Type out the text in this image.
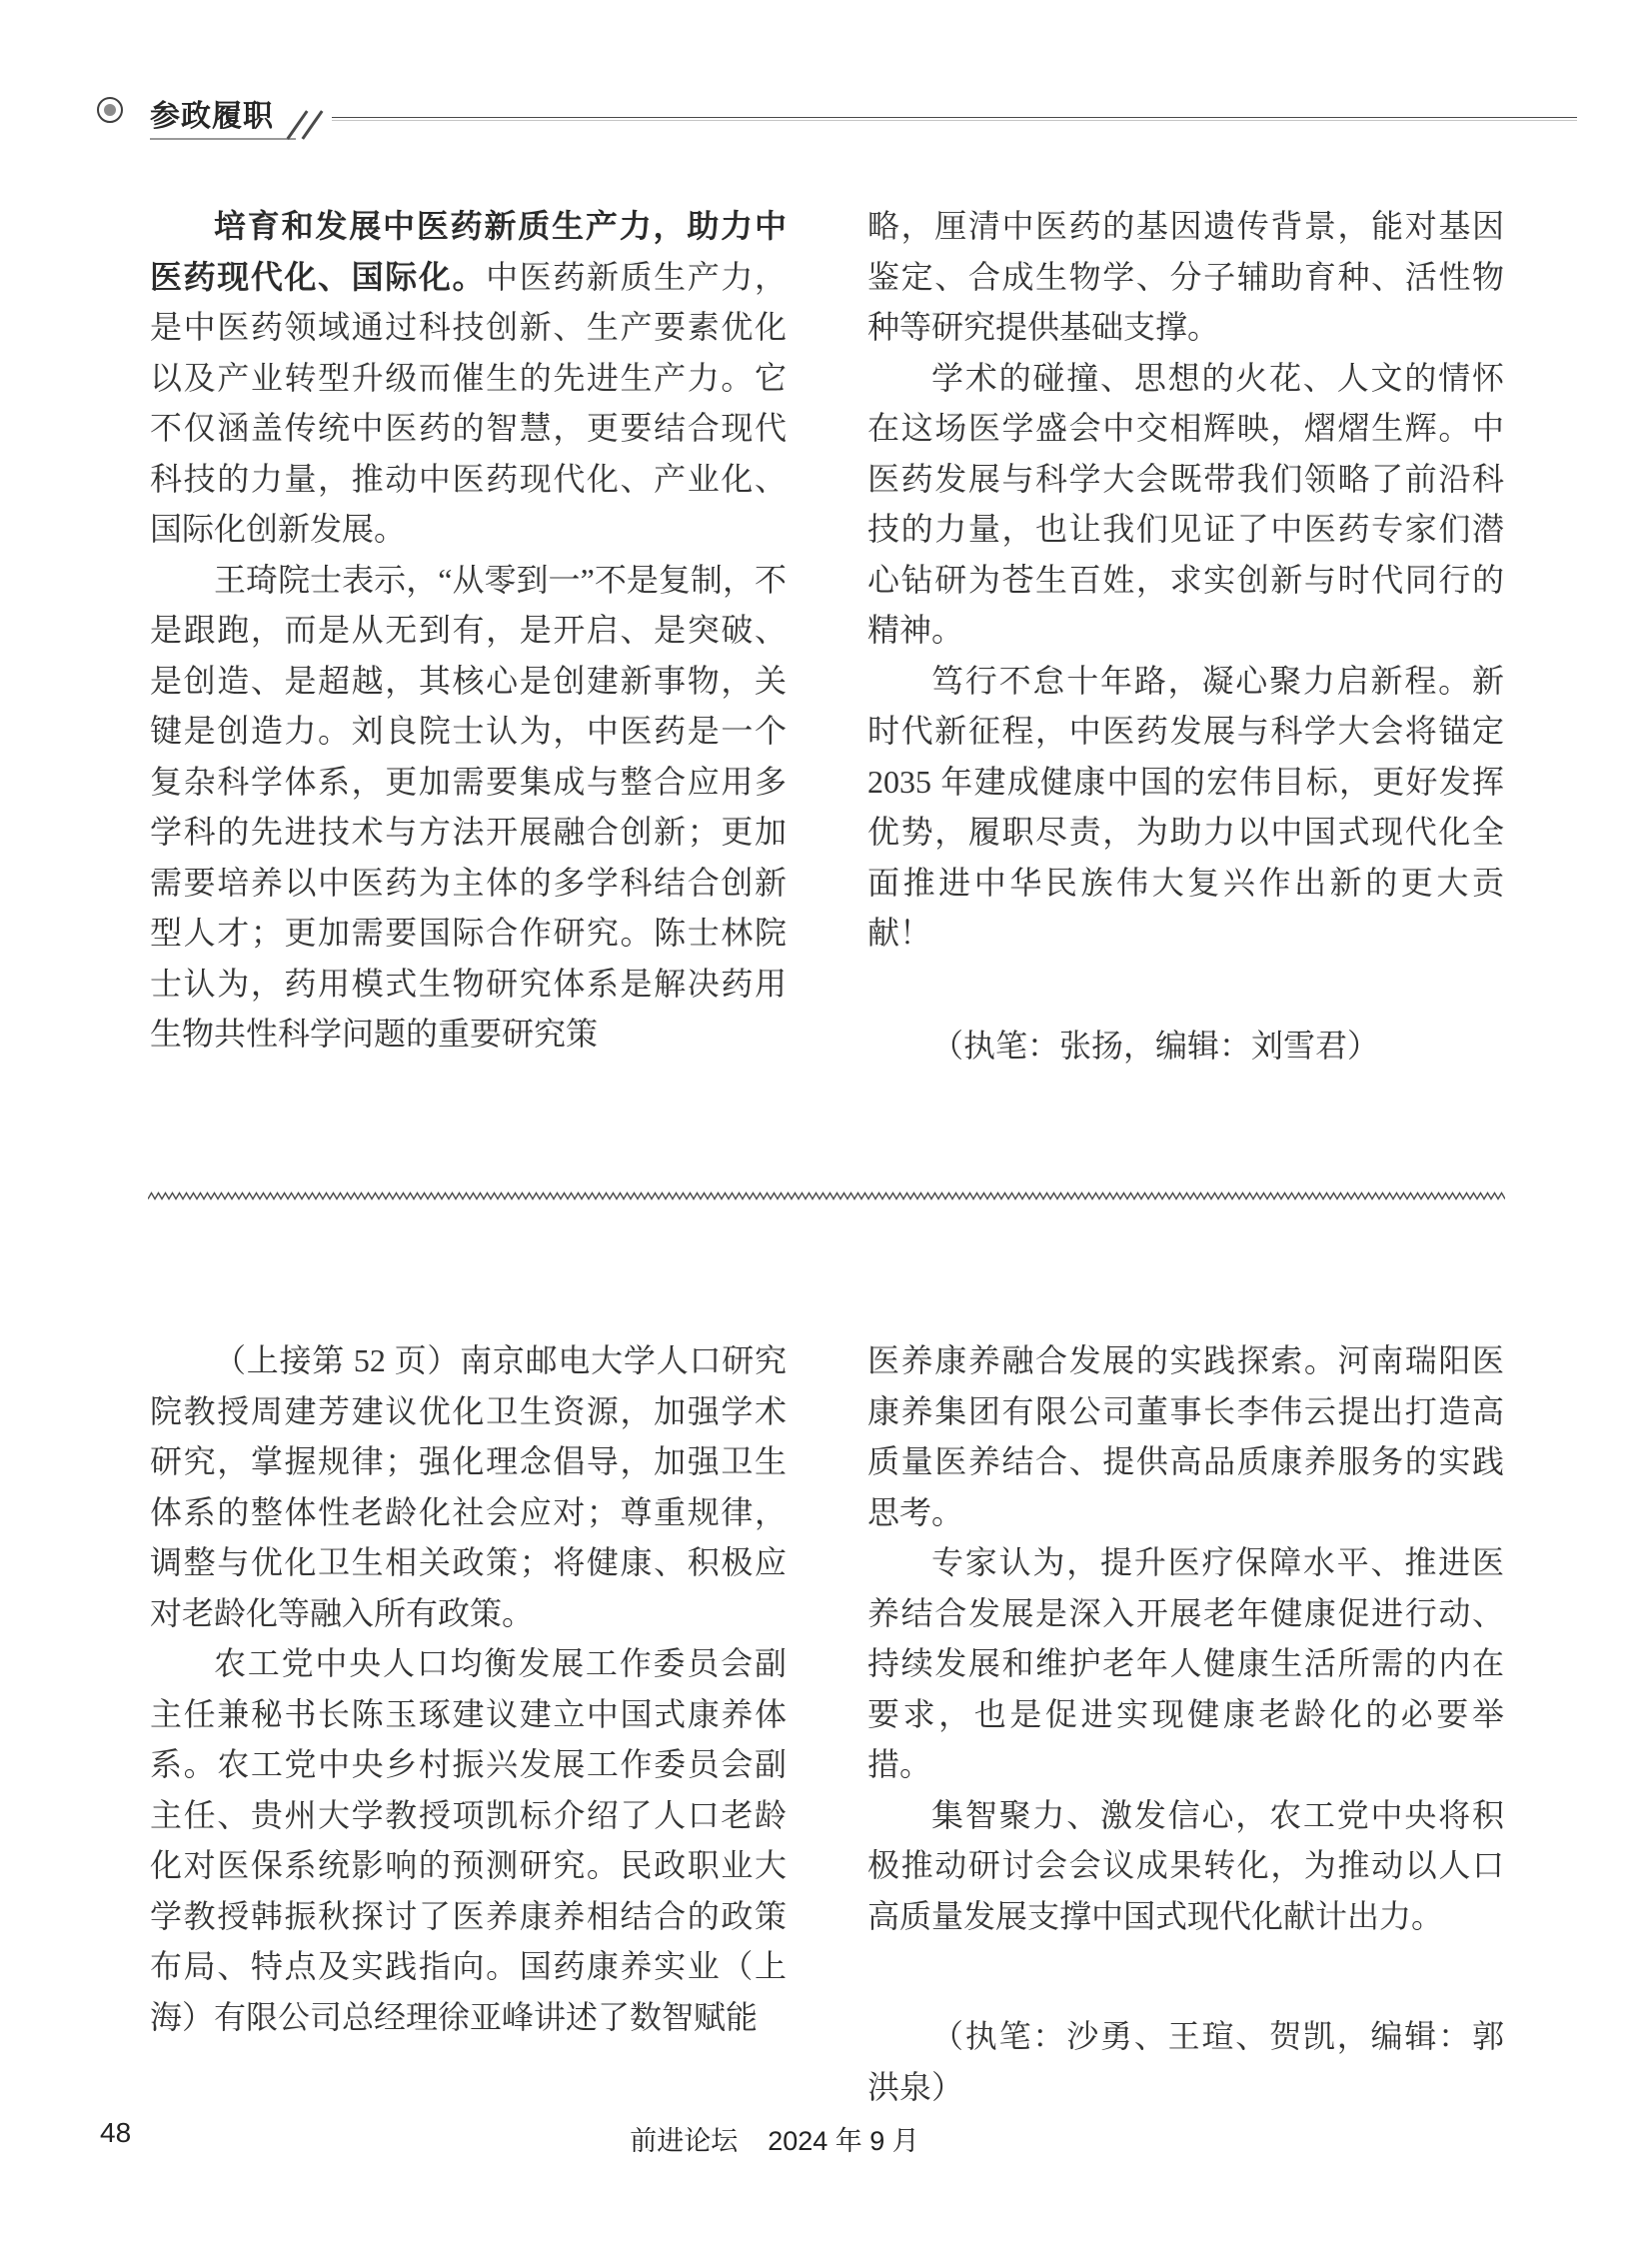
参政履职

培育和发展中医药新质生产力，助力中医药现代化、国际化。中医药新质生产力，是中医药领域通过科技创新、生产要素优化以及产业转型升级而催生的先进生产力。它不仅涵盖传统中医药的智慧，更要结合现代科技的力量，推动中医药现代化、产业化、国际化创新发展。

王琦院士表示，“从零到一”不是复制，不是跟跑，而是从无到有，是开启、是突破、是创造、是超越，其核心是创建新事物，关键是创造力。刘良院士认为，中医药是一个复杂科学体系，更加需要集成与整合应用多学科的先进技术与方法开展融合创新；更加需要培养以中医药为主体的多学科结合创新型人才；更加需要国际合作研究。陈士林院士认为，药用模式生物研究体系是解决药用生物共性科学问题的重要研究策

略，厘清中医药的基因遗传背景，能对基因鉴定、合成生物学、分子辅助育种、活性物种等研究提供基础支撑。

学术的碰撞、思想的火花、人文的情怀在这场医学盛会中交相辉映，熠熠生辉。中医药发展与科学大会既带我们领略了前沿科技的力量，也让我们见证了中医药专家们潜心钻研为苍生百姓，求实创新与时代同行的精神。

笃行不怠十年路，凝心聚力启新程。新时代新征程，中医药发展与科学大会将锚定 2035 年建成健康中国的宏伟目标，更好发挥优势，履职尽责，为助力以中国式现代化全面推进中华民族伟大复兴作出新的更大贡献！

（执笔：张扬，编辑：刘雪君）

（上接第 52 页）南京邮电大学人口研究院教授周建芳建议优化卫生资源，加强学术研究，掌握规律；强化理念倡导，加强卫生体系的整体性老龄化社会应对；尊重规律，调整与优化卫生相关政策；将健康、积极应对老龄化等融入所有政策。

农工党中央人口均衡发展工作委员会副主任兼秘书长陈玉琢建议建立中国式康养体系。农工党中央乡村振兴发展工作委员会副主任、贵州大学教授项凯标介绍了人口老龄化对医保系统影响的预测研究。民政职业大学教授韩振秋探讨了医养康养相结合的政策布局、特点及实践指向。国药康养实业（上海）有限公司总经理徐亚峰讲述了数智赋能

医养康养融合发展的实践探索。河南瑞阳医康养集团有限公司董事长李伟云提出打造高质量医养结合、提供高品质康养服务的实践思考。

专家认为，提升医疗保障水平、推进医养结合发展是深入开展老年健康促进行动、持续发展和维护老年人健康生活所需的内在要求，也是促进实现健康老龄化的必要举措。

集智聚力、激发信心，农工党中央将积极推动研讨会会议成果转化，为推动以人口高质量发展支撑中国式现代化献计出力。

（执笔：沙勇、王瑄、贺凯，编辑：郭洪泉）

48	前进论坛 2024 年 9 月
